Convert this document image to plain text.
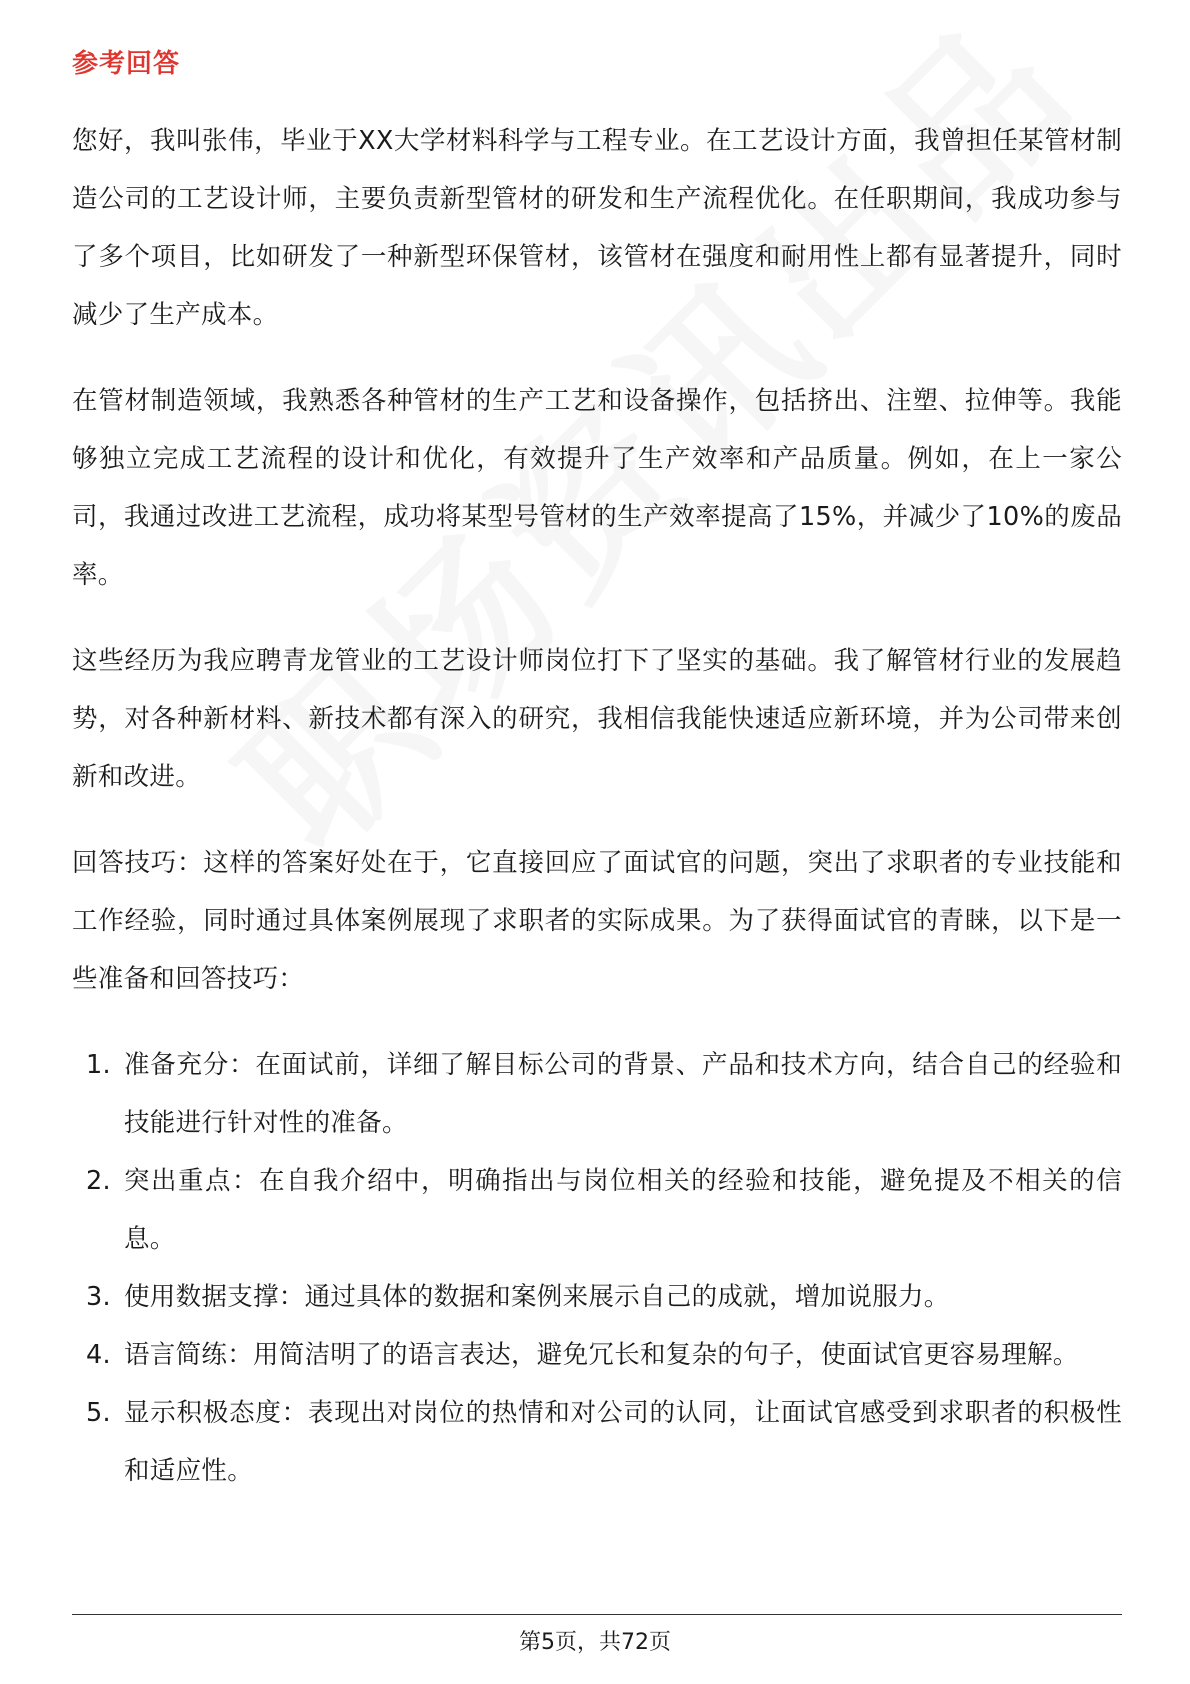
参考回答

您好，我叫张伟，毕业于XX大学材料科学与工程专业。在工艺设计方面，我曾担任某管材制造公司的工艺设计师，主要负责新型管材的研发和生产流程优化。在任职期间，我成功参与了多个项目，比如研发了一种新型环保管材，该管材在强度和耐用性上都有显著提升，同时减少了生产成本。

在管材制造领域，我熟悉各种管材的生产工艺和设备操作，包括挤出、注塑、拉伸等。我能够独立完成工艺流程的设计和优化，有效提升了生产效率和产品质量。例如，在上一家公司，我通过改进工艺流程，成功将某型号管材的生产效率提高了15%，并减少了10%的废品率。

这些经历为我应聘青龙管业的工艺设计师岗位打下了坚实的基础。我了解管材行业的发展趋势，对各种新材料、新技术都有深入的研究，我相信我能快速适应新环境，并为公司带来创新和改进。

回答技巧：这样的答案好处在于，它直接回应了面试官的问题，突出了求职者的专业技能和工作经验，同时通过具体案例展现了求职者的实际成果。为了获得面试官的青睐，以下是一些准备和回答技巧：

1. 准备充分：在面试前，详细了解目标公司的背景、产品和技术方向，结合自己的经验和技能进行针对性的准备。
2. 突出重点：在自我介绍中，明确指出与岗位相关的经验和技能，避免提及不相关的信息。
3. 使用数据支撑：通过具体的数据和案例来展示自己的成就，增加说服力。
4. 语言简练：用简洁明了的语言表达，避免冗长和复杂的句子，使面试官更容易理解。
5. 显示积极态度：表现出对岗位的热情和对公司的认同，让面试官感受到求职者的积极性和适应性。
第5页，共72页
